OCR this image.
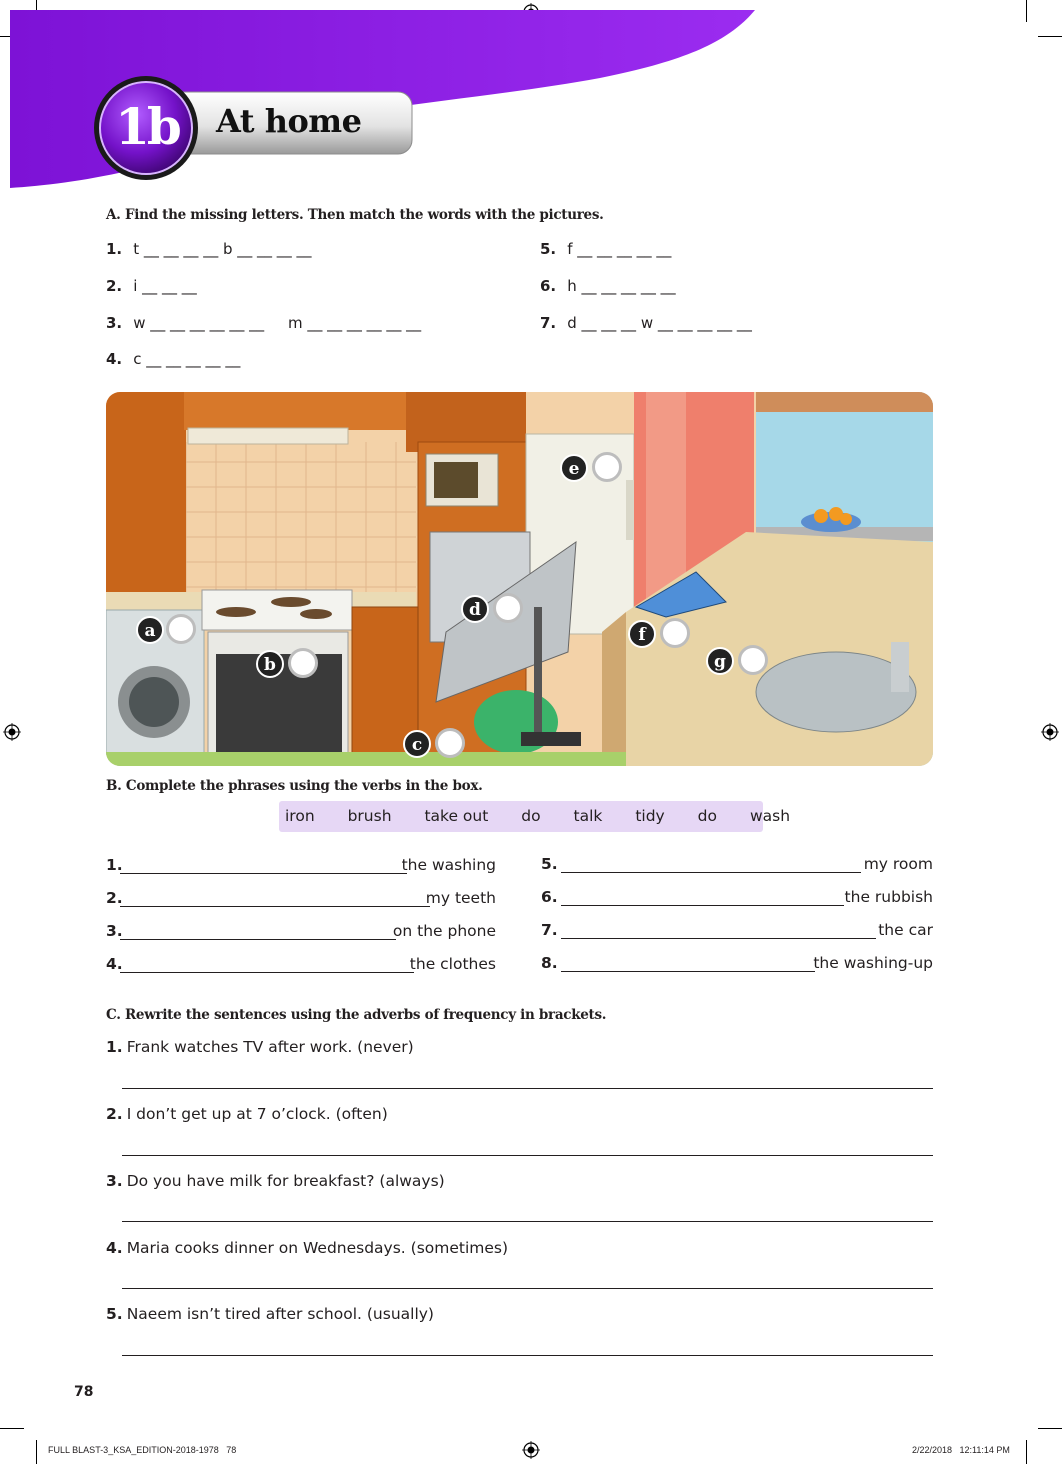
1b	At home
A. Find the missing letters. Then match the words with the pictures.
1. t __ __ __ __ b __ __ __ __
2. i __ __ __
3. w __ __ __ __ __ __     m __ __ __ __ __ __
4. c __ __ __ __ __
5. f __ __ __ __ __
6. h __ __ __ __ __
7. d __ __ __ w __ __ __ __ __
a
b
c
d
e
f
g
B. Complete the phrases using the verbs in the box.
iron brush take out do talk tidy do wash
1.	the washing
2.	my teeth
3.	on the phone
4.	the clothes
5.	my room
6.	the rubbish
7.	the car
8.	the washing-up
C. Rewrite the sentences using the adverbs of frequency in brackets.
1. Frank watches TV after work. (never)
2. I don’t get up at 7 o’clock. (often)
3. Do you have milk for breakfast? (always)
4. Maria cooks dinner on Wednesdays. (sometimes)
5. Naeem isn’t tired after school. (usually)
78
FULL BLAST-3_KSA_EDITION-2018-1978   78	2/22/2018   12:11:14 PM
